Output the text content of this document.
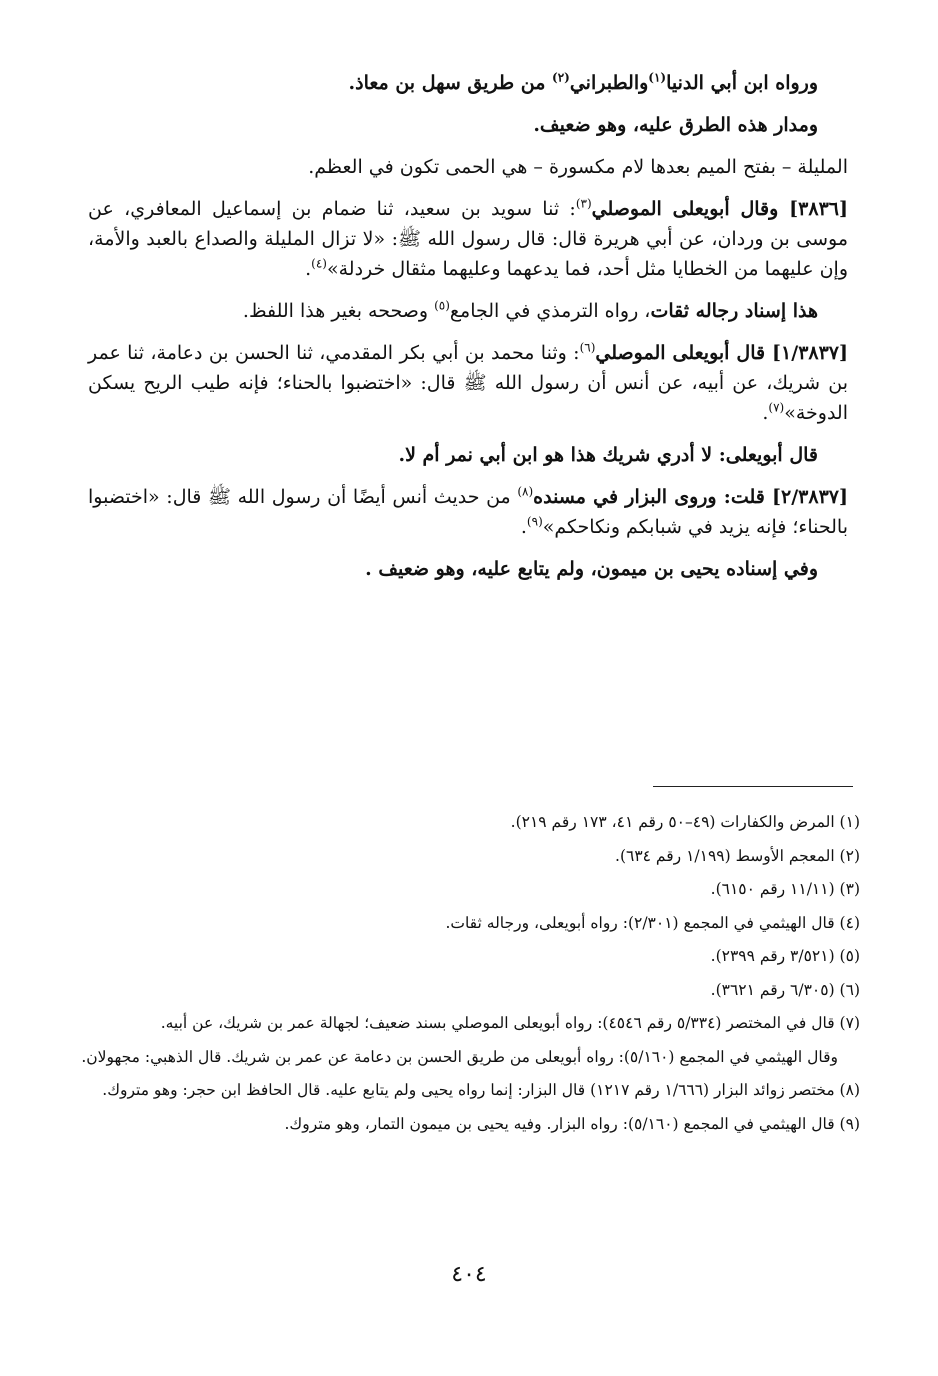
ورواه ابن أبي الدنيا$^{(١)}$والطبراني$^{(٢)}$ من طريق سهل بن معاذ.

ومدار هذه الطرق عليه، وهو ضعيف.

المليلة – بفتح الميم بعدها لام مكسورة – هي الحمى تكون في العظم.

[٣٨٣٦] وقال أبويعلى الموصلي$^{(٣)}$: ثنا سويد بن سعيد، ثنا ضمام بن إسماعيل المعافري، عن موسى بن وردان، عن أبي هريرة قال: قال رسول الله ﷺ: «لا تزال المليلة والصداع بالعبد والأمة، وإن عليهما من الخطايا مثل أحد، فما يدعهما وعليهما مثقال خردلة»$^{(٤)}$.

هذا إسناد رجاله ثقات، رواه الترمذي في الجامع$^{(٥)}$ وصححه بغير هذا اللفظ.

[١/٣٨٣٧] قال أبويعلى الموصلي$^{(٦)}$: وثنا محمد بن أبي بكر المقدمي، ثنا الحسن بن دعامة، ثنا عمر بن شريك، عن أبيه، عن أنس أن رسول الله ﷺ قال: «اختضبوا بالحناء؛ فإنه طيب الريح يسكن الدوخة»$^{(٧)}$.

قال أبويعلى: لا أدري شريك هذا هو ابن أبي نمر أم لا.

[٢/٣٨٣٧] قلت: وروى البزار في مسنده$^{(٨)}$ من حديث أنس أيضًا أن رسول الله ﷺ قال: «اختضبوا بالحناء؛ فإنه يزيد في شبابكم ونكاحكم»$^{(٩)}$.

وفي إسناده يحيى بن ميمون، ولم يتابع عليه، وهو ضعيف .

(١) المرض والكفارات (٤٩–٥٠ رقم ٤١، ١٧٣ رقم ٢١٩).

(٢) المعجم الأوسط (١/١٩٩ رقم ٦٣٤).

(٣) (١١/١١ رقم ٦١٥٠).

(٤) قال الهيثمي في المجمع (٢/٣٠١): رواه أبويعلى، ورجاله ثقات.

(٥) (٣/٥٢١ رقم ٢٣٩٩).

(٦) (٦/٣٠٥ رقم ٣٦٢١).

(٧) قال في المختصر (٥/٣٣٤ رقم ٤٥٤٦): رواه أبويعلى الموصلي بسند ضعيف؛ لجهالة عمر بن شريك، عن أبيه.

وقال الهيثمي في المجمع (٥/١٦٠): رواه أبويعلى من طريق الحسن بن دعامة عن عمر بن شريك. قال الذهبي: مجهولان.

(٨) مختصر زوائد البزار (١/٦٦٦ رقم ١٢١٧) قال البزار: إنما رواه يحيى ولم يتابع عليه. قال الحافظ ابن حجر: وهو متروك.

(٩) قال الهيثمي في المجمع (٥/١٦٠): رواه البزار. وفيه يحيى بن ميمون التمار، وهو متروك.

٤٠٤
